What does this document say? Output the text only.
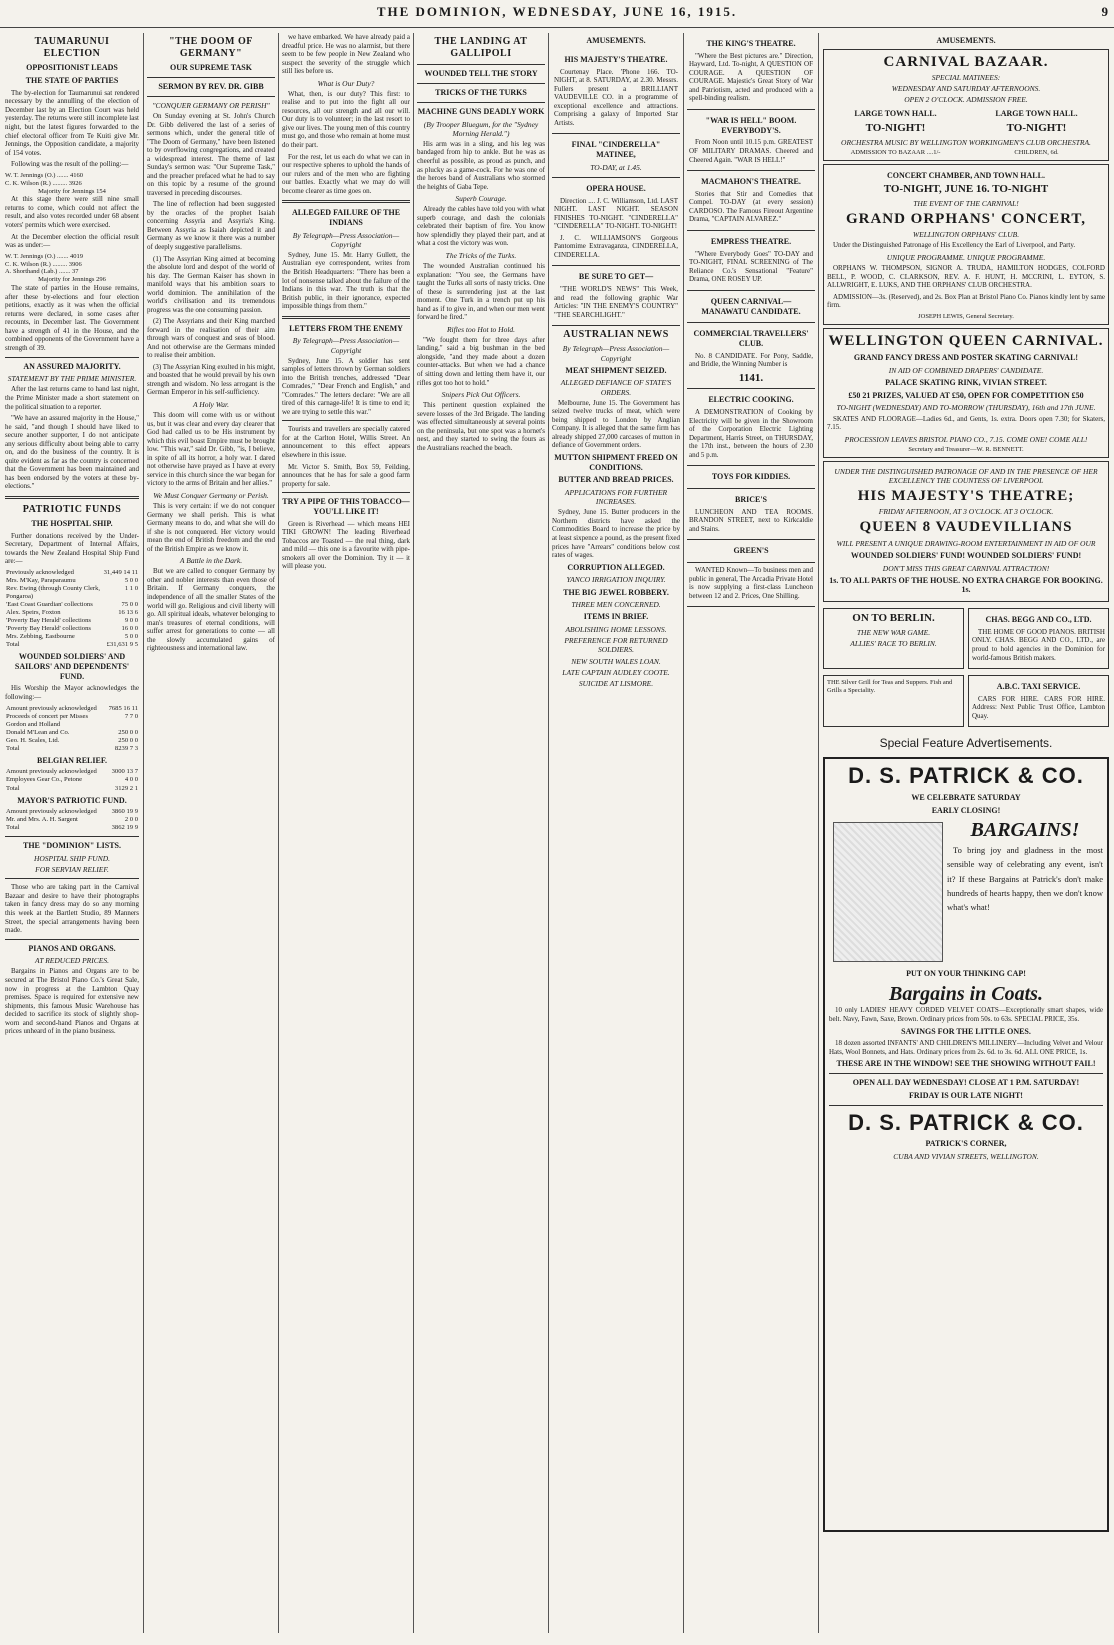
THE DOMINION, WEDNESDAY, JUNE 16, 1915.	9
TAUMARUNUI ELECTION
OPPOSITIONIST LEADS
THE STATE OF PARTIES

The by-election for Taumarunui sat rendered necessary by the annulling of the election of December last by an Election Court was held yesterday. The returns were still incomplete last night, but the latest figures forwarded to the chief electoral officer from Te Kuiti give Mr. Jennings, the Opposition candidate, a majority of 154 votes.

Following was the result of the polling:—

W. T. Jennings (O.) ....... 4160
C. K. Wilson (R.) ......... 3926
Majority for Jennings 154

At this stage there were still nine small returns to come, which could not affect the result, and also votes recorded under 68 absent voters' permits which were exercised.

At the December election the official result was as under:—

W. T. Jennings (O.) ....... 4019
C. K. Wilson (R.) ......... 3906
A. Shorthand (Lab.) ....... 37
Majority for Jennings 296

The state of parties in the House remains, after these by-elections and four election petitions, exactly as it was when the official returns were declared, in some cases after recounts, in December last. The Government have a strength of 41 in the House, and the combined opponents of the Government have a strength of 39.

AN ASSURED MAJORITY.
STATEMENT BY THE PRIME MINISTER.

After the last returns came to hand last night, the Prime Minister made a short statement on the political situation to a reporter.

"We have an assured majority in the House," he said, "and though I should have liked to secure another supporter, I do not anticipate any serious difficulty about being able to carry on, and do the business of the country. It is quite evident as far as the country is concerned that the Government has been maintained and has been endorsed by the voters at these by-elections."

PATRIOTIC FUNDS
THE HOSPITAL SHIP.

Further donations received by the Under-Secretary, Department of Internal Affairs, towards the New Zealand Hospital Ship Fund are:—

Previously acknowledged	31,449 14 11
Mrs. M'Kay, Paraparaumu	5 0 0
Rev. Ewing (through County Clerk, Pongaroa)	1 1 0
'East Coast Guardian' collections	75 0 0
Alex. Speirs, Foxton	16 13 6
'Poverty Bay Herald' collections	9 0 0
'Poverty Bay Herald' collections	16 0 0
Mrs. Zebbing, Eastbourne	5 0 0
Total	£31,631 9 5
WOUNDED SOLDIERS' AND SAILORS' AND DEPENDENTS' FUND.

His Worship the Mayor acknowledges the following:—

Amount previously acknowledged	7685 16 11
Proceeds of concert per Misses Gordon and Holland	7 7 0
Donald M'Lean and Co.	250 0 0
Geo. H. Scales, Ltd.	250 0 0
Total	8239 7 3
BELGIAN RELIEF.
Amount previously acknowledged	3000 13 7
Employees Gear Co., Petone	4 0 0
Total	3129 2 1
MAYOR'S PATRIOTIC FUND.
Amount previously acknowledged	3860 19 9
Mr. and Mrs. A. H. Sargent	2 0 0
Total	3862 19 9
THE "DOMINION" LISTS.
HOSPITAL SHIP FUND.
FOR SERVIAN RELIEF.

Those who are taking part in the Carnival Bazaar and desire to have their photographs taken in fancy dress may do so any morning this week at the Bartlett Studio, 89 Manners Street, the special arrangements having been made.

PIANOS AND ORGANS.
AT REDUCED PRICES.

Bargains in Pianos and Organs are to be secured at The Bristol Piano Co.'s Great Sale, now in progress at the Lambton Quay premises. Space is required for extensive new shipments, this famous Music Warehouse has decided to sacrifice its stock of slightly shop-worn and second-hand Pianos and Organs at prices unheard of in the piano business.

"THE DOOM OF GERMANY"
OUR SUPREME TASK
SERMON BY REV. DR. GIBB
"CONQUER GERMANY OR PERISH"

On Sunday evening at St. John's Church Dr. Gibb delivered the last of a series of sermons which, under the general title of "The Doom of Germany," have been listened to by overflowing congregations, and created a widespread interest. The theme of last Sunday's sermon was: "Our Supreme Task," and the preacher prefaced what he had to say on this topic by a resume of the ground traversed in preceding discourses.

The line of reflection had been suggested by the oracles of the prophet Isaiah concerning Assyria and Assyria's King. Between Assyria as Isaiah depicted it and Germany as we know it there was a number of deeply suggestive parallelisms.

(1) The Assyrian King aimed at becoming the absolute lord and despot of the world of his day. The German Kaiser has shown in manifold ways that his ambition soars to world dominion. The annihilation of the world's civilisation and its tremendous progress was the one consuming passion.

(2) The Assyrians and their King marched forward in the realisation of their aim through wars of conquest and seas of blood. And not otherwise are the Germans minded to realise their ambition.

(3) The Assyrian King exulted in his might, and boasted that he would prevail by his own strength and wisdom. No less arrogant is the German Emperor in his self-sufficiency.

A Holy War.

This doom will come with us or without us, but it was clear and every day clearer that God had called us to be His instrument by which this evil boast Empire must be brought low. "This war," said Dr. Gibb, "is, I believe, in spite of all its horror, a holy war. I dared not otherwise have prayed as I have at every service in this church since the war began for victory to the arms of Britain and her allies."

We Must Conquer Germany or Perish.

This is very certain: if we do not conquer Germany we shall perish. This is what Germany means to do, and what she will do if she is not conquered. Her victory would mean the end of British freedom and the end of the British Empire as we know it.

A Battle in the Dark.

But we are called to conquer Germany by other and nobler interests than even those of Britain. If Germany conquers, the independence of all the smaller States of the world will go. Religious and civil liberty will go. All spiritual ideals, whatever belonging to man's treasures of eternal conditions, will suffer arrest for generations to come — all the slowly accumulated gains of righteousness and international law.

we have embarked. We have already paid a dreadful price. He was no alarmist, but there seem to be few people in New Zealand who suspect the severity of the struggle which still lies before us.

What is Our Duty?

What, then, is our duty? This first: to realise and to put into the fight all our resources, all our strength and all our will. Our duty is to volunteer; in the last resort to give our lives. The young men of this country must go, and those who remain at home must do their part.

For the rest, let us each do what we can in our respective spheres to uphold the hands of our rulers and of the men who are fighting our battles. Exactly what we may do will become clearer as time goes on.

ALLEGED FAILURE OF THE INDIANS
By Telegraph—Press Association—Copyright

Sydney, June 15. Mr. Harry Gullett, the Australian eye correspondent, writes from the British Headquarters: "There has been a lot of nonsense talked about the failure of the Indians in this war. The truth is that the British public, in their ignorance, expected impossible things from them."

LETTERS FROM THE ENEMY
By Telegraph—Press Association—Copyright

Sydney, June 15. A soldier has sent samples of letters thrown by German soldiers into the British trenches, addressed "Dear Comrades," "Dear French and English," and "Comrades." The letters declare: "We are all tired of this carnage-life! It is time to end it; we are trying to settle this war."

Tourists and travellers are specially catered for at the Carlton Hotel, Willis Street. An announcement to this effect appears elsewhere in this issue.

Mr. Victor S. Smith, Box 59, Feilding, announces that he has for sale a good farm property for sale.

TRY A PIPE OF THIS TOBACCO—YOU'LL LIKE IT!

Green is Riverhead — which means HEI TIKI GROWN! The leading Riverhead Tobaccos are Toasted — the real thing, dark and mild — this one is a favourite with pipe-smokers all over the Dominion. Try it — it will please you.

THE LANDING AT GALLIPOLI
WOUNDED TELL THE STORY
TRICKS OF THE TURKS
MACHINE GUNS DEADLY WORK
(By Trooper Bluegum, for the "Sydney Morning Herald.")

His arm was in a sling, and his leg was bandaged from hip to ankle. But he was as cheerful as possible, as proud as punch, and as plucky as a game-cock. For he was one of the heroes band of Australians who stormed the heights of Gaba Tepe.

Superb Courage.

Already the cables have told you with what superb courage, and dash the colonials celebrated their baptism of fire. You know how splendidly they played their part, and at what a cost the victory was won.

The Tricks of the Turks.

The wounded Australian continued his explanation: "You see, the Germans have taught the Turks all sorts of nasty tricks. One of these is surrendering just at the last moment. One Turk in a trench put up his hand as if to give in, and when our men went forward he fired."

Rifles too Hot to Hold.

"We fought them for three days after landing," said a big bushman in the bed alongside, "and they made about a dozen counter-attacks. But when we had a chance of sitting down and letting them have it, our rifles got too hot to hold."

Snipers Pick Out Officers.

This pertinent question explained the severe losses of the 3rd Brigade. The landing was effected simultaneously at several points on the peninsula, but one spot was a hornet's nest, and they started to swing the fours as the Australians reached the beach.

AMUSEMENTS.
HIS MAJESTY'S THEATRE.

Courtenay Place. 'Phone 166. TO-NIGHT, at 8. SATURDAY, at 2.30. Messrs. Fullers present a BRILLIANT VAUDEVILLE CO. in a programme of exceptional excellence and attractions. Comprising a galaxy of Imported Star Artists.

FINAL "CINDERELLA" MATINEE,
TO-DAY, at 1.45.
OPERA HOUSE.

Direction .... J. C. Williamson, Ltd. LAST NIGHT. LAST NIGHT. SEASON FINISHES TO-NIGHT. "CINDERELLA" "CINDERELLA" TO-NIGHT. TO-NIGHT!

J. C. WILLIAMSON'S Gorgeous Pantomime Extravaganza, CINDERELLA, CINDERELLA.

BE SURE TO GET—

"THE WORLD'S NEWS" This Week, and read the following graphic War Articles: "IN THE ENEMY'S COUNTRY" "THE SEARCHLIGHT."

AUSTRALIAN NEWS
By Telegraph—Press Association—Copyright
MEAT SHIPMENT SEIZED.
ALLEGED DEFIANCE OF STATE'S ORDERS.

Melbourne, June 15. The Government has seized twelve trucks of meat, which were being shipped to London by Anglian Company. It is alleged that the same firm has already shipped 27,000 carcases of mutton in defiance of Government orders.

MUTTON SHIPMENT FREED ON CONDITIONS.
BUTTER AND BREAD PRICES.
APPLICATIONS FOR FURTHER INCREASES.

Sydney, June 15. Butter producers in the Northern districts have asked the Commodities Board to increase the price by at least sixpence a pound, as the present fixed prices have "Arrears" conditions below cost rates of wages.

CORRUPTION ALLEGED.
YANCO IRRIGATION INQUIRY.
THE BIG JEWEL ROBBERY.
THREE MEN CONCERNED.
ITEMS IN BRIEF.
ABOLISHING HOME LESSONS.
PREFERENCE FOR RETURNED SOLDIERS.
NEW SOUTH WALES LOAN.
LATE CAPTAIN AUDLEY COOTE.
SUICIDE AT LISMORE.
THE KING'S THEATRE.

"Where the Best pictures are." Direction, Hayward, Ltd. To-night, A QUESTION OF COURAGE. A QUESTION OF COURAGE. Majestic's Great Story of War and Patriotism, acted and produced with a spell-binding realism.

"WAR IS HELL" BOOM. EVERYBODY'S.

From Noon until 10.15 p.m. GREATEST OF MILITARY DRAMAS. Cheered and Cheered Again. "WAR IS HELL!"

MACMAHON'S THEATRE.

Stories that Stir and Comedies that Compel. TO-DAY (at every session) CARDOSO. The Famous Fireout Argentine Drama, "CAPTAIN ALVAREZ."

EMPRESS THEATRE.

"Where Everybody Goes" TO-DAY and TO-NIGHT, FINAL SCREENING of The Reliance Co.'s Sensational "Feature" Drama, ONE ROSEY UP.

QUEEN CARNIVAL—MANAWATU CANDIDATE.
COMMERCIAL TRAVELLERS' CLUB.

No. 8 CANDIDATE. For Pony, Saddle, and Bridle, the Winning Number is

1141.
ELECTRIC COOKING.

A DEMONSTRATION of Cooking by Electricity will be given in the Showroom of the Corporation Electric Lighting Department, Harris Street, on THURSDAY, the 17th inst., between the hours of 2.30 and 5 p.m.

TOYS FOR KIDDIES.
BRICE'S

LUNCHEON AND TEA ROOMS. BRANDON STREET, next to Kirkcaldie and Stains.

GREEN'S

WANTED Known—To business men and public in general, The Arcadia Private Hotel is now supplying a first-class Luncheon between 12 and 2. Prices, One Shilling.

AMUSEMENTS.
CARNIVAL BAZAAR.
SPECIAL MATINEES:
WEDNESDAY AND SATURDAY AFTERNOONS.
OPEN 2 O'CLOCK. ADMISSION FREE.
LARGE TOWN HALL.
TO-NIGHT!
LARGE TOWN HALL.
TO-NIGHT!
ORCHESTRA MUSIC BY WELLINGTON WORKINGMEN'S CLUB ORCHESTRA.
ADMISSION TO BAZAAR ....1/-	CHILDREN, 6d.
CONCERT CHAMBER, AND TOWN HALL.
TO-NIGHT, JUNE 16. TO-NIGHT
THE EVENT OF THE CARNIVAL!
GRAND ORPHANS' CONCERT,
WELLINGTON ORPHANS' CLUB.

Under the Distinguished Patronage of His Excellency the Earl of Liverpool, and Party.

UNIQUE PROGRAMME. UNIQUE PROGRAMME.

ORPHANS W. THOMPSON, SIGNOR A. TRUDA, HAMILTON HODGES, COLFORD BELL, P. WOOD, C. CLARKSON, REV. A. F. HUNT, H. MCCRINI, L. EYTON, S. ALLWRIGHT, E. LUKS, AND THE ORPHANS' CLUB ORCHESTRA.

ADMISSION—3s. (Reserved), and 2s. Box Plan at Bristol Piano Co. Pianos kindly lent by same firm.

JOSEPH LEWIS, General Secretary.
WELLINGTON QUEEN CARNIVAL.
GRAND FANCY DRESS AND POSTER SKATING CARNIVAL!
IN AID OF COMBINED DRAPERS' CANDIDATE.
PALACE SKATING RINK, VIVIAN STREET.
£50 21 PRIZES, VALUED AT £50, OPEN FOR COMPETITION £50
TO-NIGHT (WEDNESDAY) AND TO-MORROW (THURSDAY), 16th and 17th JUNE.

SKATES AND FLOORAGE—Ladies 6d., and Gents, 1s. extra. Doors open 7.30; for Skaters, 7.15.

PROCESSION LEAVES BRISTOL PIANO CO., 7.15. COME ONE! COME ALL!
Secretary and Treasurer—W. R. BENNETT.
UNDER THE DISTINGUISHED PATRONAGE OF AND IN THE PRESENCE OF HER EXCELLENCY THE COUNTESS OF LIVERPOOL
HIS MAJESTY'S THEATRE;
FRIDAY AFTERNOON, AT 3 O'CLOCK. AT 3 O'CLOCK.
QUEEN 8 VAUDEVILLIANS
WILL PRESENT A UNIQUE DRAWING-ROOM ENTERTAINMENT IN AID OF OUR
WOUNDED SOLDIERS' FUND! WOUNDED SOLDIERS' FUND!
DON'T MISS THIS GREAT CARNIVAL ATTRACTION!
1s. TO ALL PARTS OF THE HOUSE. NO EXTRA CHARGE FOR BOOKING. 1s.
ON TO BERLIN.
THE NEW WAR GAME.
ALLIES' RACE TO BERLIN.
CHAS. BEGG AND CO., LTD.

THE HOME OF GOOD PIANOS. BRITISH ONLY. CHAS. BEGG AND CO., LTD., are proud to hold agencies in the Dominion for world-famous British makers.

THE Silver Grill for Teas and Suppers. Fish and Grills a Speciality.	A.B.C. TAXI SERVICE.

CARS FOR HIRE. CARS FOR HIRE. Address: Next Public Trust Office, Lambton Quay.

Special Feature Advertisements.
D. S. PATRICK & CO.
WE CELEBRATE SATURDAY
EARLY CLOSING!
BARGAINS!

To bring joy and gladness in the most sensible way of celebrating any event, isn't it? If these Bargains at Patrick's don't make hundreds of hearts happy, then we don't know what's what!

PUT ON YOUR THINKING CAP!
Bargains in Coats.

10 only LADIES' HEAVY CORDED VELVET COATS—Exceptionally smart shapes, wide belt. Navy, Fawn, Saxe, Brown. Ordinary prices from 50s. to 63s. SPECIAL PRICE, 35s.

SAVINGS FOR THE LITTLE ONES.

18 dozen assorted INFANTS' AND CHILDREN'S MILLINERY—Including Velvet and Velour Hats, Wool Bonnets, and Hats. Ordinary prices from 2s. 6d. to 3s. 6d. ALL ONE PRICE, 1s.

THESE ARE IN THE WINDOW! SEE THE SHOWING WITHOUT FAIL!
OPEN ALL DAY WEDNESDAY! CLOSE AT 1 P.M. SATURDAY!
FRIDAY IS OUR LATE NIGHT!
D. S. PATRICK & CO.
PATRICK'S CORNER,
CUBA AND VIVIAN STREETS, WELLINGTON.
